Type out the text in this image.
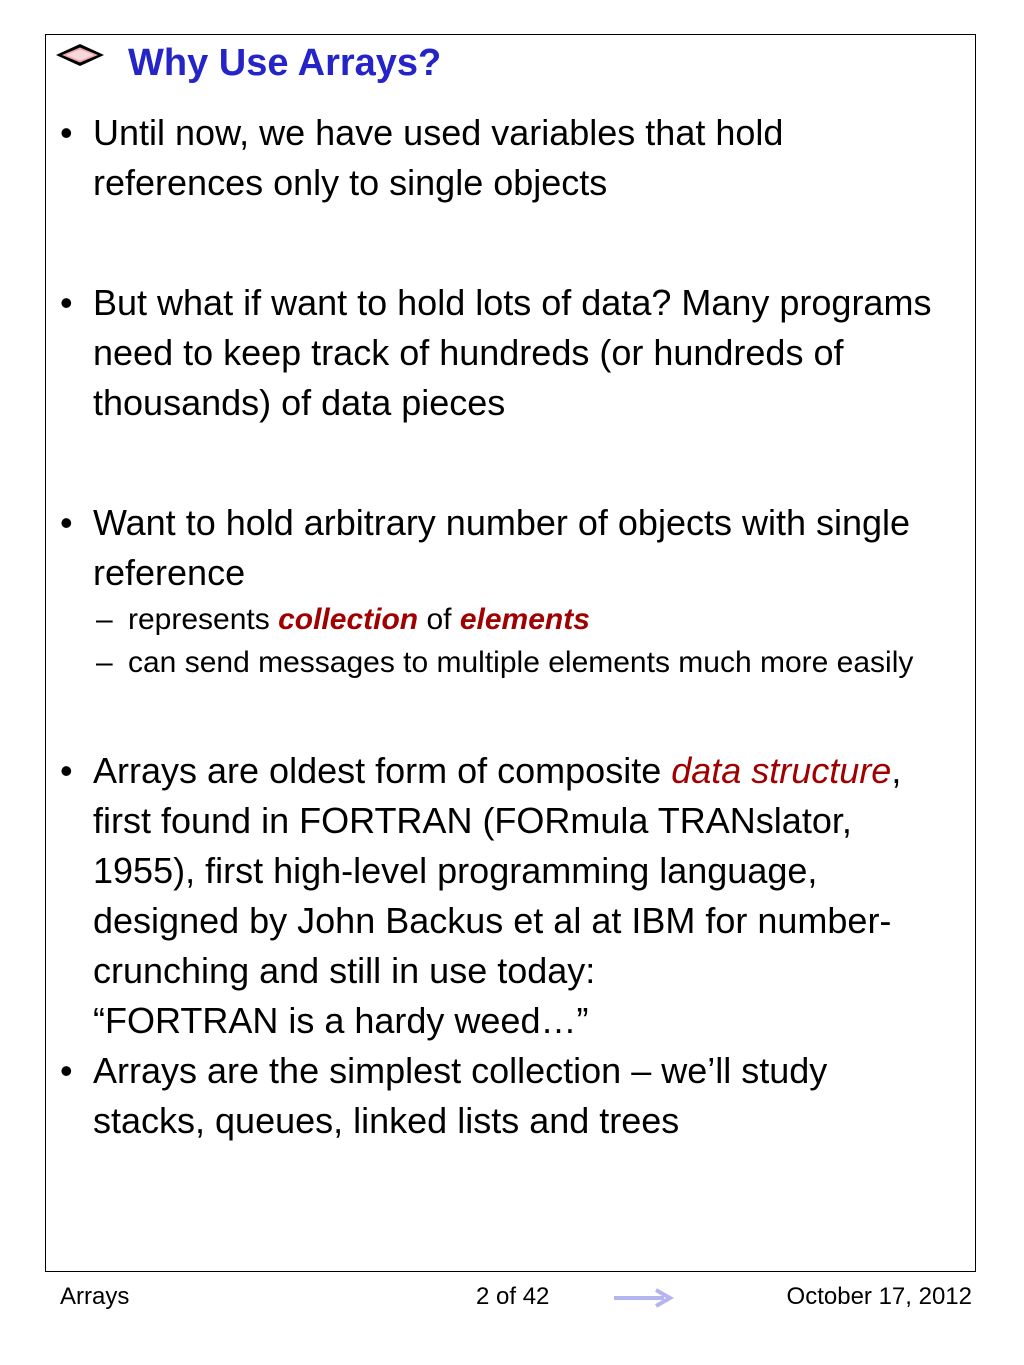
Why Use Arrays?
• Until now, we have used variables that hold references only to single objects
• But what if want to hold lots of data? Many programs need to keep track of hundreds (or hundreds of thousands) of data pieces
• Want to hold arbitrary number of objects with single reference
– represents collection of elements
– can send messages to multiple elements much more easily
• Arrays are oldest form of composite data structure, first found in FORTRAN (FORmula TRANslator, 1955), first high-level programming language, designed by John Backus et al at IBM for number-crunching and still in use today:
“FORTRAN is a hardy weed…”
• Arrays are the simplest collection – we’ll study stacks, queues, linked lists and trees
Arrays	2 of 42	October 17, 2012
